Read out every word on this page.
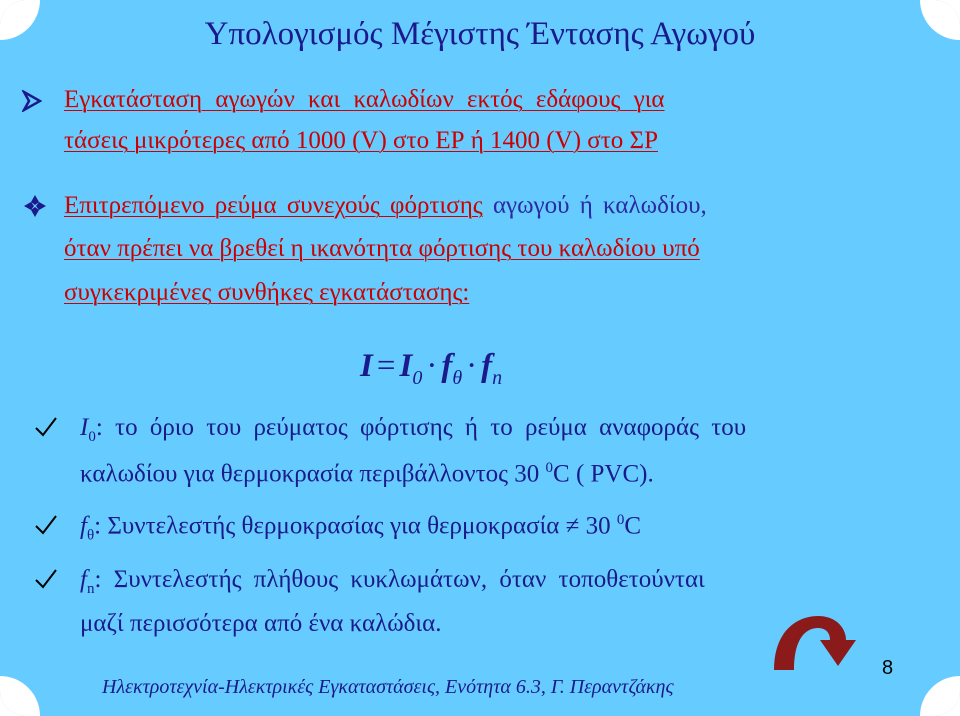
Υπολογισμός Μέγιστης Έντασης Αγωγού
Εγκατάσταση αγωγών και καλωδίων εκτός εδάφους για
τάσεις μικρότερες από 1000 (V) στο ΕΡ ή 1400 (V) στο ΣΡ
Επιτρεπόμενο ρεύμα συνεχούς φόρτισης αγωγού ή καλωδίου,
όταν πρέπει να βρεθεί η ικανότητα φόρτισης του καλωδίου υπό
συγκεκριμένες συνθήκες εγκατάστασης:
$I = I_0 \cdot f_\theta \cdot f_n$
$I_0$: το όριο του ρεύματος φόρτισης ή το ρεύμα αναφοράς του
καλωδίου για θερμοκρασία περιβάλλοντος 30 $^0$C ( PVC).
$f_\theta$: Συντελεστής θερμοκρασίας για θερμοκρασία ≠ 30 $^0$C
$f_n$: Συντελεστής πλήθους κυκλωμάτων, όταν τοποθετούνται
μαζί περισσότερα από ένα καλώδια.
8
Ηλεκτροτεχνία-Ηλεκτρικές Εγκαταστάσεις, Ενότητα 6.3, Γ. Περαντζάκης
